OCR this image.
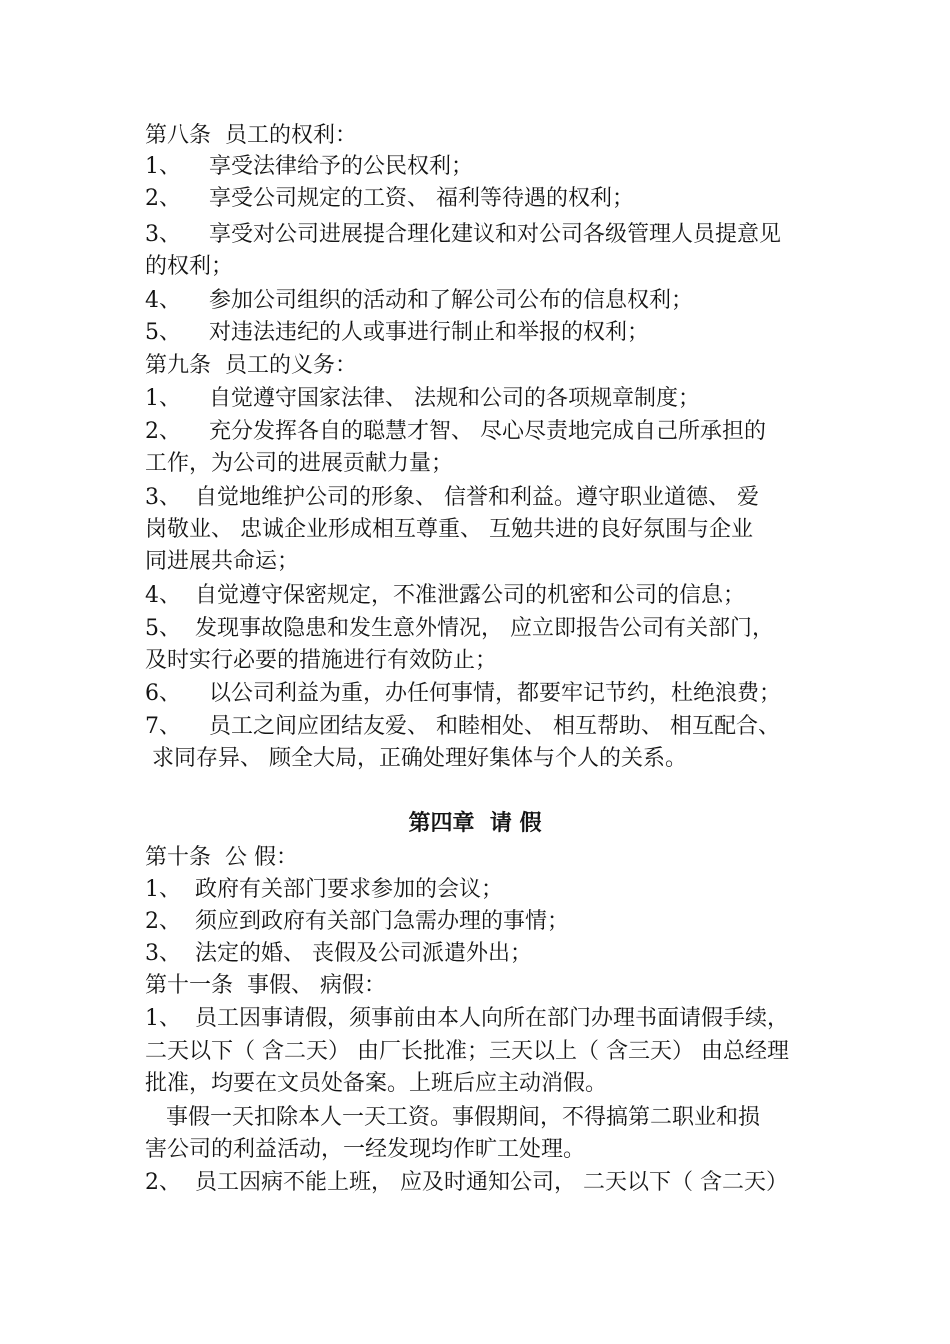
第八条  员工的权利：
1、    享受法律给予的公民权利；
2、    享受公司规定的工资、 福利等待遇的权利；
3、    享受对公司进展提合理化建议和对公司各级管理人员提意见
的权利；
4、    参加公司组织的活动和了解公司公布的信息权利；
5、    对违法违纪的人或事进行制止和举报的权利；
第九条  员工的义务：
1、    自觉遵守国家法律、 法规和公司的各项规章制度；
2、    充分发挥各自的聪慧才智、 尽心尽责地完成自己所承担的
工作，为公司的进展贡献力量；
3、  自觉地维护公司的形象、 信誉和利益。遵守职业道德、 爱
岗敬业、 忠诚企业形成相互尊重、 互勉共进的良好氛围与企业
同进展共命运；
4、  自觉遵守保密规定，不准泄露公司的机密和公司的信息；
5、  发现事故隐患和发生意外情况， 应立即报告公司有关部门，
及时实行必要的措施进行有效防止；
6、    以公司利益为重，办任何事情，都要牢记节约，杜绝浪费；
7、    员工之间应团结友爱、 和睦相处、 相互帮助、 相互配合、
求同存异、 顾全大局，正确处理好集体与个人的关系。
第四章  请 假
第十条  公 假：
1、  政府有关部门要求参加的会议；
2、  须应到政府有关部门急需办理的事情；
3、  法定的婚、 丧假及公司派遣外出；
第十一条  事假、 病假：
1、  员工因事请假，须事前由本人向所在部门办理书面请假手续，
二天以下（ 含二天） 由厂长批准；三天以上（ 含三天） 由总经理
批准，均要在文员处备案。上班后应主动消假。
事假一天扣除本人一天工资。事假期间，不得搞第二职业和损
害公司的利益活动，一经发现均作旷工处理。
2、  员工因病不能上班， 应及时通知公司， 二天以下（ 含二天）
